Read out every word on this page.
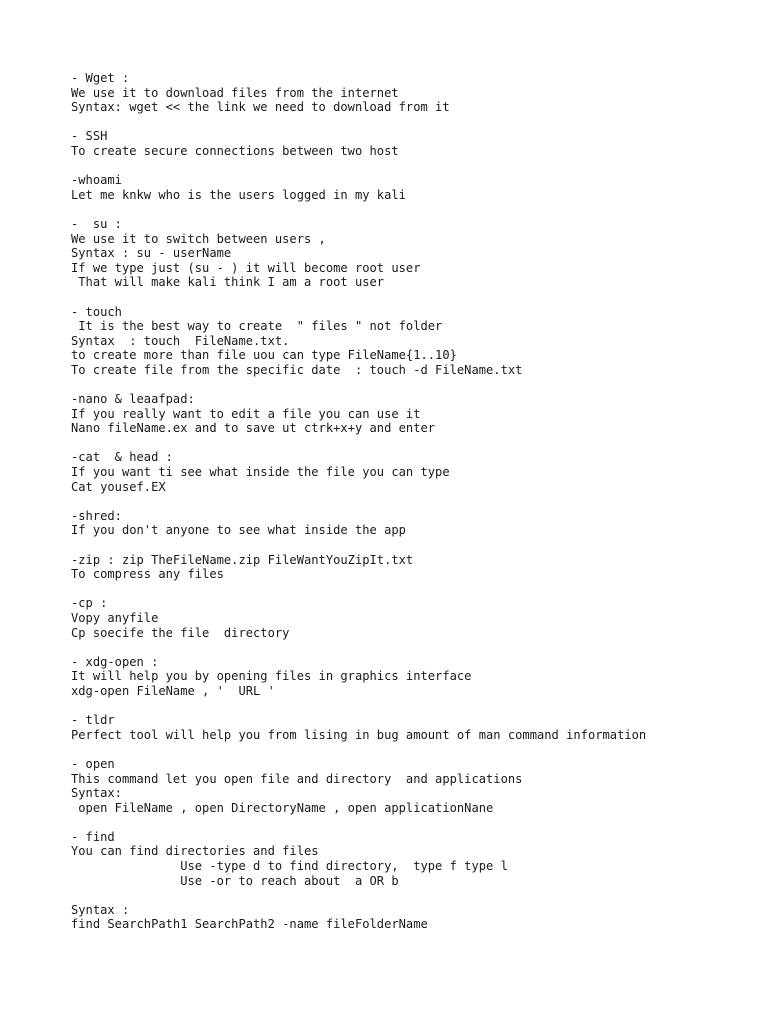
- Wget :
We use it to download files from the internet
Syntax: wget << the link we need to download from it
- SSH
To create secure connections between two host
-whoami
Let me knkw who is the users logged in my kali
-  su :
We use it to switch between users ,
Syntax : su - userName
If we type just (su - ) it will become root user
That will make kali think I am a root user
- touch
It is the best way to create  " files " not folder
Syntax  : touch  FileName.txt.
to create more than file uou can type FileName{1..10}
To create file from the specific date  : touch -d FileName.txt
-nano & leaafpad:
If you really want to edit a file you can use it
Nano fileName.ex and to save ut ctrk+x+y and enter
-cat  & head :
If you want ti see what inside the file you can type
Cat yousef.EX
-shred:
If you don't anyone to see what inside the app
-zip : zip TheFileName.zip FileWantYouZipIt.txt
To compress any files
-cp :
Vopy anyfile
Cp soecife the file  directory
- xdg-open :
It will help you by opening files in graphics interface
xdg-open FileName , '  URL '
- tldr
Perfect tool will help you from lising in bug amount of man command information
- open
This command let you open file and directory  and applications
Syntax:
open FileName , open DirectoryName , open applicationNane
- find
You can find directories and files
Use -type d to find directory,  type f type l
Use -or to reach about  a OR b
Syntax :
find SearchPath1 SearchPath2 -name fileFolderName
